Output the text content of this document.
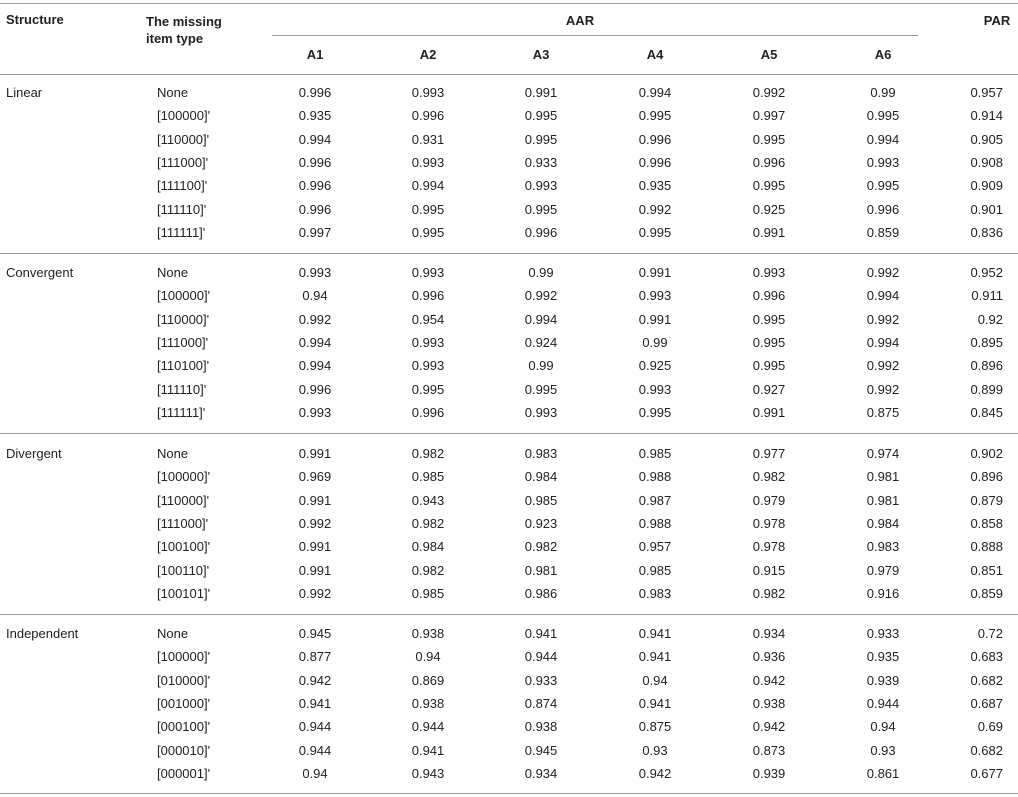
Structure	The missing
item type
AAR	PAR
A1	A2	A3	A4	A5	A6
Linear	None	0.996	0.993	0.991	0.994	0.992	0.99	0.957
[100000]'	0.935	0.996	0.995	0.995	0.997	0.995	0.914
[110000]'	0.994	0.931	0.995	0.996	0.995	0.994	0.905
[111000]'	0.996	0.993	0.933	0.996	0.996	0.993	0.908
[111100]'	0.996	0.994	0.993	0.935	0.995	0.995	0.909
[111110]'	0.996	0.995	0.995	0.992	0.925	0.996	0.901
[111111]'	0.997	0.995	0.996	0.995	0.991	0.859	0.836
Convergent	None	0.993	0.993	0.99	0.991	0.993	0.992	0.952
[100000]'	0.94	0.996	0.992	0.993	0.996	0.994	0.911
[110000]'	0.992	0.954	0.994	0.991	0.995	0.992	0.92
[111000]'	0.994	0.993	0.924	0.99	0.995	0.994	0.895
[110100]'	0.994	0.993	0.99	0.925	0.995	0.992	0.896
[111110]'	0.996	0.995	0.995	0.993	0.927	0.992	0.899
[111111]'	0.993	0.996	0.993	0.995	0.991	0.875	0.845
Divergent	None	0.991	0.982	0.983	0.985	0.977	0.974	0.902
[100000]'	0.969	0.985	0.984	0.988	0.982	0.981	0.896
[110000]'	0.991	0.943	0.985	0.987	0.979	0.981	0.879
[111000]'	0.992	0.982	0.923	0.988	0.978	0.984	0.858
[100100]'	0.991	0.984	0.982	0.957	0.978	0.983	0.888
[100110]'	0.991	0.982	0.981	0.985	0.915	0.979	0.851
[100101]'	0.992	0.985	0.986	0.983	0.982	0.916	0.859
Independent	None	0.945	0.938	0.941	0.941	0.934	0.933	0.72
[100000]'	0.877	0.94	0.944	0.941	0.936	0.935	0.683
[010000]'	0.942	0.869	0.933	0.94	0.942	0.939	0.682
[001000]'	0.941	0.938	0.874	0.941	0.938	0.944	0.687
[000100]'	0.944	0.944	0.938	0.875	0.942	0.94	0.69
[000010]'	0.944	0.941	0.945	0.93	0.873	0.93	0.682
[000001]'	0.94	0.943	0.934	0.942	0.939	0.861	0.677
